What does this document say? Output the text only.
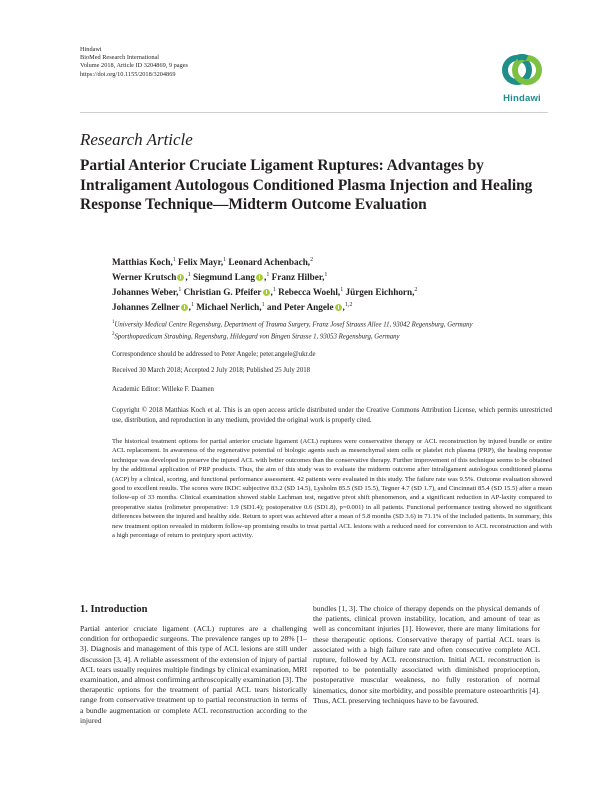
Hindawi
BioMed Research International
Volume 2018, Article ID 3204869, 9 pages
https://doi.org/10.1155/2018/3204869
Hindawi
Research Article
Partial Anterior Cruciate Ligament Ruptures: Advantages by Intraligament Autologous Conditioned Plasma Injection and Healing Response Technique—Midterm Outcome Evaluation
Matthias Koch,$^1$ Felix Mayr,$^1$ Leonard Achenbach,$^2$
Werner Krutsch ,$^1$ Siegmund Lang ,$^1$ Franz Hilber,$^1$
Johannes Weber,$^1$ Christian G. Pfeifer ,$^1$ Rebecca Woehl,$^1$ Jürgen Eichhorn,$^2$
Johannes Zellner ,$^1$ Michael Nerlich,$^1$ and Peter Angele ,$^{1,2}$
$^1$University Medical Centre Regensburg, Department of Trauma Surgery, Franz Josef Strauss Allee 11, 93042 Regensburg, Germany
$^2$Sporthopaedicum Straubing, Regensburg, Hildegard von Bingen Strasse 1, 93053 Regensburg, Germany
Correspondence should be addressed to Peter Angele; peter.angele@ukr.de
Received 30 March 2018; Accepted 2 July 2018; Published 25 July 2018
Academic Editor: Willeke F. Daamen
Copyright © 2018 Matthias Koch et al. This is an open access article distributed under the Creative Commons Attribution License, which permits unrestricted use, distribution, and reproduction in any medium, provided the original work is properly cited.
The historical treatment options for partial anterior cruciate ligament (ACL) ruptures were conservative therapy or ACL reconstruction by injured bundle or entire ACL replacement. In awareness of the regenerative potential of biologic agents such as mesenchymal stem cells or platelet rich plasma (PRP), the healing response technique was developed to preserve the injured ACL with better outcomes than the conservative therapy. Further improvement of this technique seems to be obtained by the additional application of PRP products. Thus, the aim of this study was to evaluate the midterm outcome after intraligament autologous conditioned plasma (ACP) by a clinical, scoring, and functional performance assessment. 42 patients were evaluated in this study. The failure rate was 9.5%. Outcome evaluation showed good to excellent results. The scores were IKDC subjective 83.2 (SD 14.5), Lysholm 85.5 (SD 15.5), Tegner 4.7 (SD 1.7), and Cincinnati 85.4 (SD 15.5) after a mean follow-up of 33 months. Clinical examination showed stable Lachman test, negative pivot shift phenomenon, and a significant reduction in AP-laxity compared to preoperative status (rolimeter preoperative: 1.9 (SD1.4); postoperative 0.6 (SD1.8), p=0.001) in all patients. Functional performance testing showed no significant differences between the injured and healthy side. Return to sport was achieved after a mean of 5.8 months (SD 3.6) in 71.1% of the included patients. In summary, this new treatment option revealed in midterm follow-up promising results to treat partial ACL lesions with a reduced need for conversion to ACL reconstruction and with a high percentage of return to preinjury sport activity.
1. Introduction
Partial anterior cruciate ligament (ACL) ruptures are a challenging condition for orthopaedic surgeons. The prevalence ranges up to 28% [1–3]. Diagnosis and management of this type of ACL lesions are still under discussion [3, 4]. A reliable assessment of the extension of injury of partial ACL tears usually requires multiple findings by clinical examination, MRI examination, and almost confirming arthroscopically examination [3]. The therapeutic options for the treatment of partial ACL tears historically range from conservative treatment up to partial reconstruction in terms of a bundle augmentation or complete ACL reconstruction according to the injured
bundles [1, 3]. The choice of therapy depends on the physical demands of the patients, clinical proven instability, location, and amount of tear as well as concomitant injuries [1]. However, there are many limitations for these therapeutic options. Conservative therapy of partial ACL tears is associated with a high failure rate and often consecutive complete ACL rupture, followed by ACL reconstruction. Initial ACL reconstruction is reported to be potentially associated with diminished proprioception, postoperative muscular weakness, no fully restoration of normal kinematics, donor site morbidity, and possible premature osteoarthritis [4]. Thus, ACL preserving techniques have to be favoured.
